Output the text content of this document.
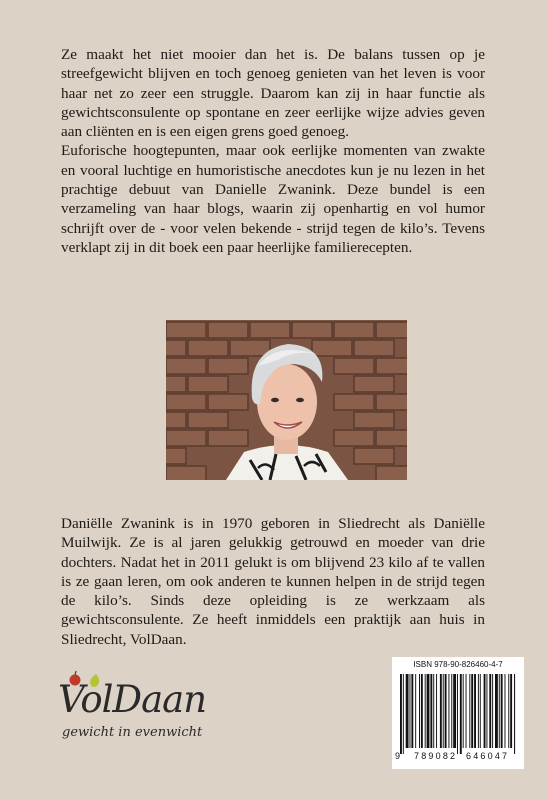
Ze maakt het niet mooier dan het is. De balans tussen op je streefgewicht blijven en toch genoeg genieten van het leven is voor haar net zo zeer een struggle. Daarom kan zij in haar functie als gewichtsconsulente op spontane en zeer eerlijke wijze advies geven aan cliënten en is een eigen grens goed genoeg.

Euforische hoogtepunten, maar ook eerlijke momenten van zwakte en vooral luchtige en humoristische anecdotes kun je nu lezen in het prachtige debuut van Danielle Zwanink. Deze bundel is een verzameling van haar blogs, waarin zij openhartig en vol humor schrijft over de - voor velen bekende - strijd tegen de kilo’s. Tevens verklapt zij in dit boek een paar heerlijke familierecepten.

Daniëlle Zwanink is in 1970 geboren in Sliedrecht als Daniëlle Muilwijk. Ze is al jaren gelukkig getrouwd en moeder van drie dochters. Nadat het in 2011 gelukt is om blijvend 23 kilo af te vallen is ze gaan leren, om ook anderen te kunnen helpen in de strijd tegen de kilo’s. Sinds deze opleiding is ze werkzaam als gewichtsconsulente. Ze heeft inmiddels een praktijk aan huis in Sliedrecht, VolDaan.
VolDaan
gewicht in evenwicht
ISBN 978-90-826460-4-7
9 789082 646047
